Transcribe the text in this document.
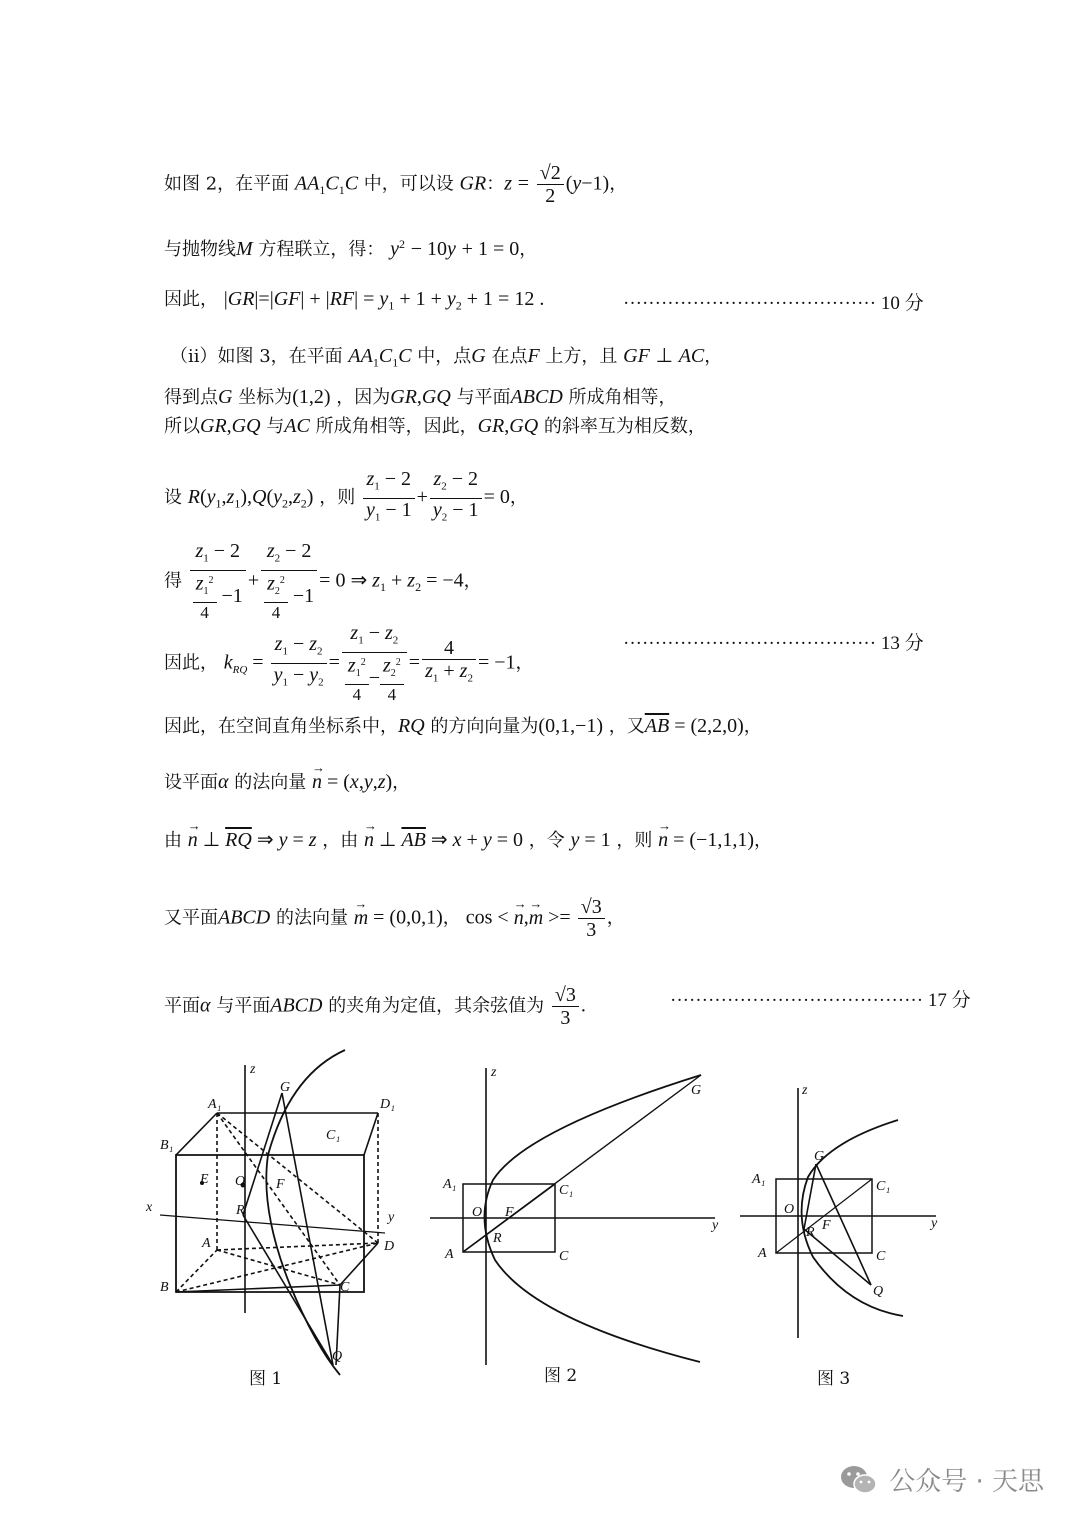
如图 2，在平面 $AA_1C_1C$ 中，可以设 GR：$z = \frac{√2}{2} (y-1)$，
与抛物线M 方程联立，得： $y^2 - 10y + 1 = 0$，
因此， $|GR|=|GF| + |RF| = y_1 + 1 + y_2 + 1 = 12$ .	········································ 10 分
（ii）如图 3，在平面 $AA_1C_1C$ 中，点G 在点F 上方，且 GF ⊥ AC，
得到点G 坐标为(1,2) ，因为GR,GQ 与平面ABCD 所成角相等，
所以GR,GQ 与AC 所成角相等，因此，GR,GQ 的斜率互为相反数，
设 $R(y_1,z_1),Q(y_2,z_2)$ ，则 $\frac{z_1 - 2}{y_1 - 1} + \frac{z_2 - 2}{y_2 - 1} = 0$，
得 $\frac{z_1 - 2}{\frac{z_1^2}{4} -1} + \frac{z_2 - 2}{\frac{z_2^2}{4} -1} = 0$ ⇒ $z_1 + z_2 = -4$，
因此， $k_{RQ} = \frac{z_1 - z_2}{y_1 - y_2} = \frac{z_1 - z_2}{\frac{z_1^2}{4} - \frac{z_2^2}{4}} = \frac{4}{z_1 + z_2} = -1$，
········································ 13 分
因此，在空间直角坐标系中，RQ 的方向向量为(0,1,−1) ，又$\overline{AB} = (2,2,0)$，
设平面α 的法向量 → n = (x,y,z)，
由 → n ⊥ $\overline{RQ}$ ⇒ y = z ，由 → n ⊥ $\overline{AB}$ ⇒ x + y = 0 ，令 y = 1 ，则 → n = (−1,1,1)，
又平面ABCD 的法向量 → m = (0,0,1)， cos < → $n,\to m >= \frac{√3}{3}$ ，
平面α 与平面ABCD 的夹角为定值，其余弦值为 $\frac{√3}{3}$ .	········································ 17 分
z
G
A₁	D₁
B₁
C₁
E O F
R
x
y
A	D
B	C
Q
图 1
z
G
A₁	C₁
O F
R
y
A	C
图 2
z
G
A₁	C₁
O
F
R
y
A	C
Q
图 3
公众号 · 天思
